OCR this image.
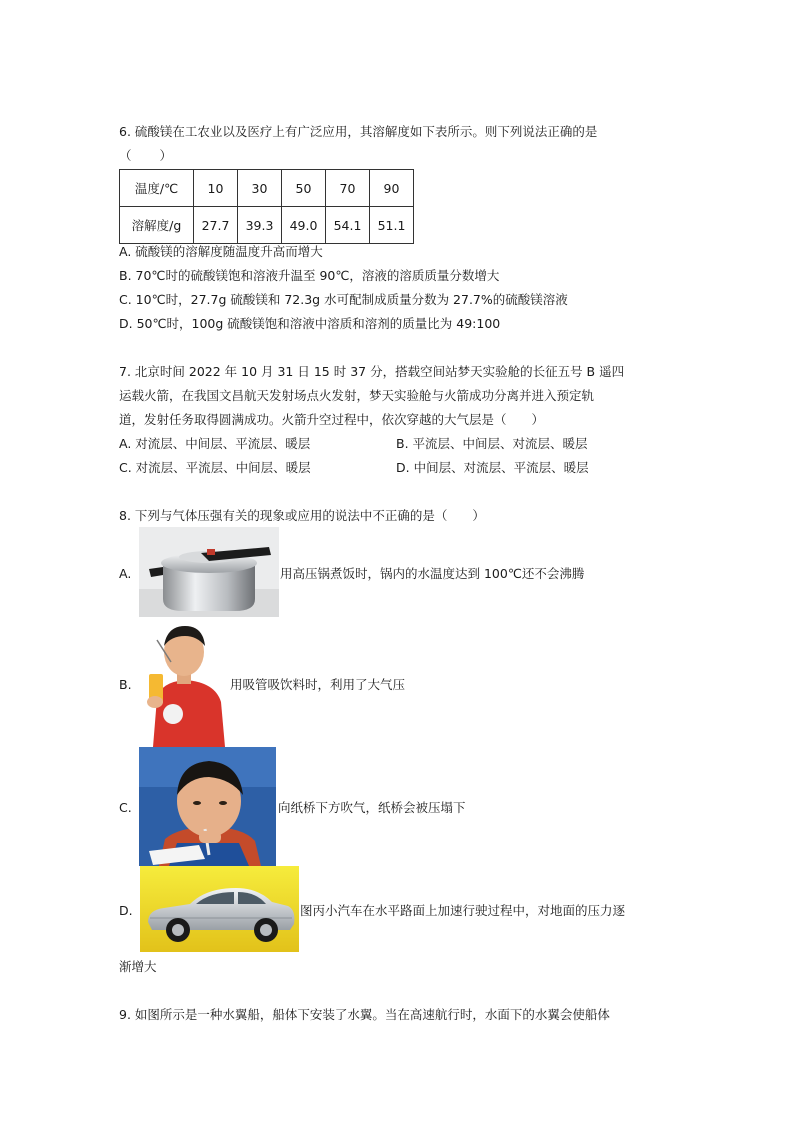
6. 硫酸镁在工农业以及医疗上有广泛应用，其溶解度如下表所示。则下列说法正确的是
（ ）
温度/℃	10	30	50	70	90
溶解度/g	27.7	39.3	49.0	54.1	51.1
A. 硫酸镁的溶解度随温度升高而增大
B. 70℃时的硫酸镁饱和溶液升温至 90℃，溶液的溶质质量分数增大
C. 10℃时，27.7g 硫酸镁和 72.3g 水可配制成质量分数为 27.7%的硫酸镁溶液
D. 50℃时，100g 硫酸镁饱和溶液中溶质和溶剂的质量比为 49:100
7. 北京时间 2022 年 10 月 31 日 15 时 37 分，搭载空间站梦天实验舱的长征五号 B 遥四
运载火箭，在我国文昌航天发射场点火发射，梦天实验舱与火箭成功分离并进入预定轨
道，发射任务取得圆满成功。火箭升空过程中，依次穿越的大气层是（　　）
A. 对流层、中间层、平流层、暖层	B. 平流层、中间层、对流层、暖层
C. 对流层、平流层、中间层、暖层	D. 中间层、对流层、平流层、暖层
8. 下列与气体压强有关的现象或应用的说法中不正确的是（　　）
A.	用高压锅煮饭时，锅内的水温度达到 100℃还不会沸腾
B.	用吸管吸饮料时，利用了大气压
C.	向纸桥下方吹气，纸桥会被压塌下
D.	图丙小汽车在水平路面上加速行驶过程中，对地面的压力逐
渐增大
9. 如图所示是一种水翼船，船体下安装了水翼。当在高速航行时，水面下的水翼会使船体
